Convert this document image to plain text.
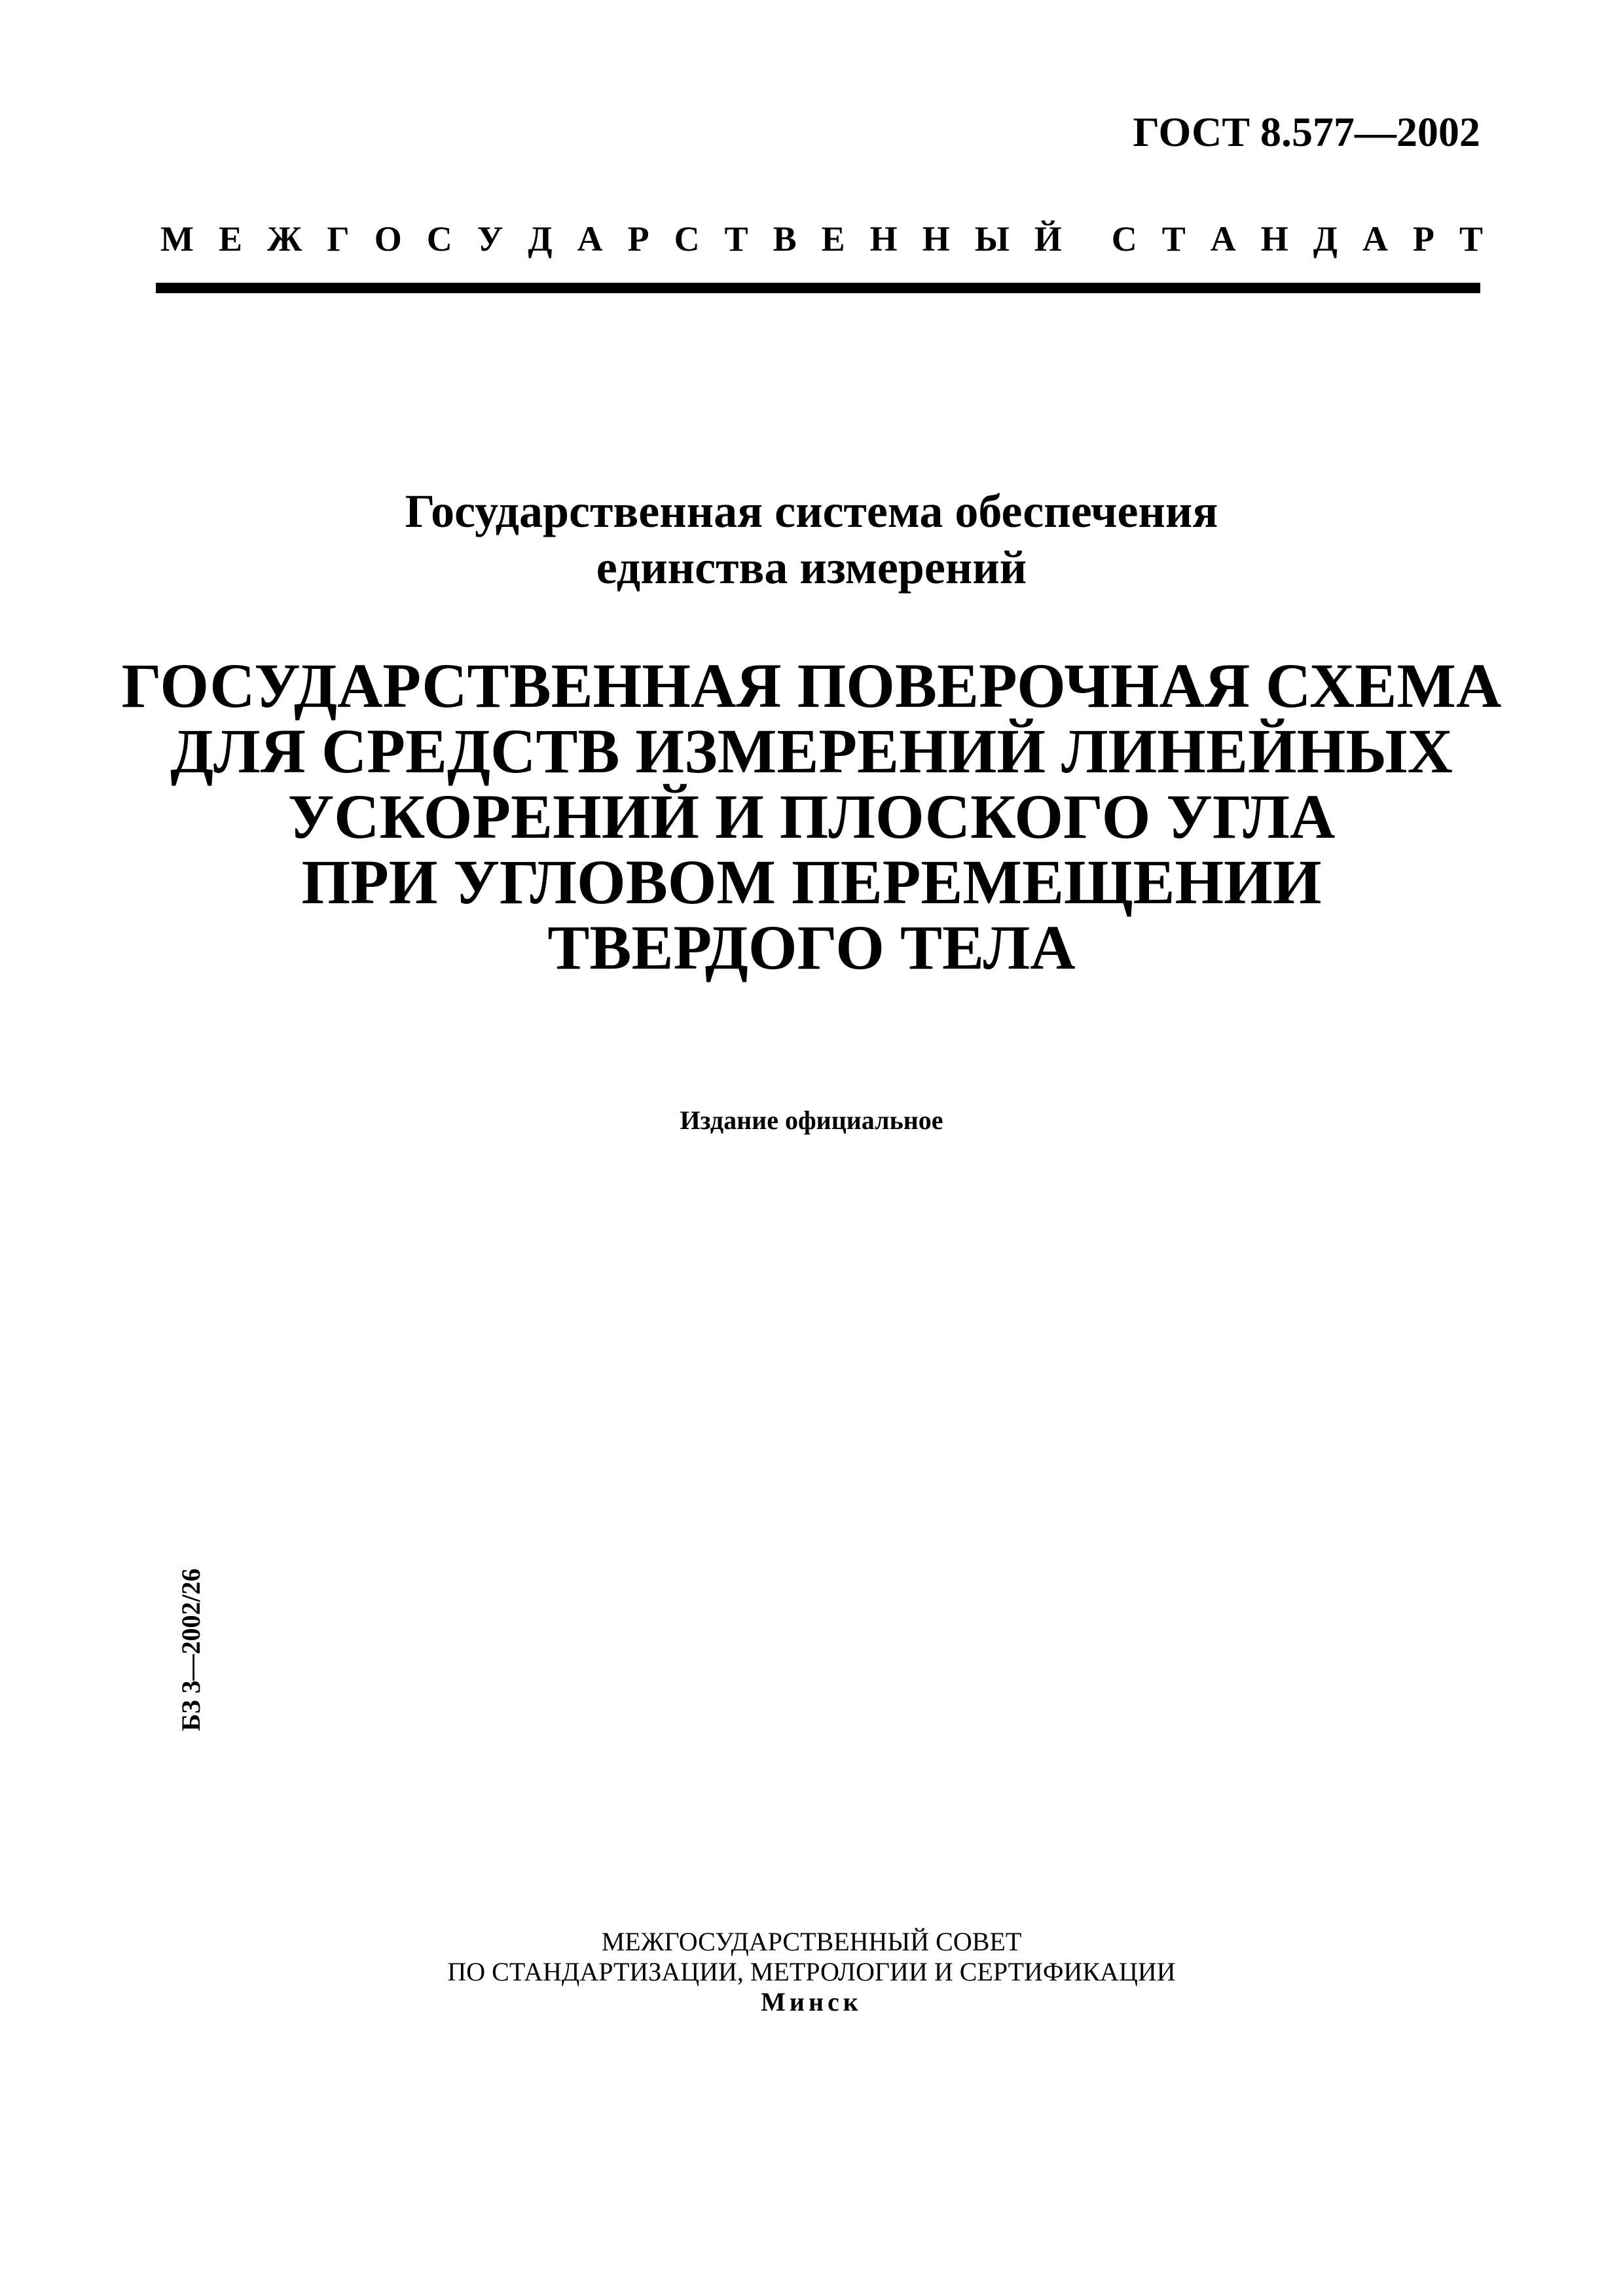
ГОСТ 8.577—2002
М Е Ж Г О С У Д А Р С Т В Е Н Н Ы Й С Т А Н Д А Р Т
Государственная система обеспечения
единства измерений
ГОСУДАРСТВЕННАЯ ПОВЕРОЧНАЯ СХЕМА
ДЛЯ СРЕДСТВ ИЗМЕРЕНИЙ ЛИНЕЙНЫХ
УСКОРЕНИЙ И ПЛОСКОГО УГЛА
ПРИ УГЛОВОМ ПЕРЕМЕЩЕНИИ
ТВЕРДОГО ТЕЛА
Издание официальное
БЗ 3—2002/26
МЕЖГОСУДАРСТВЕННЫЙ СОВЕТ
ПО СТАНДАРТИЗАЦИИ, МЕТРОЛОГИИ И СЕРТИФИКАЦИИ
Минск
